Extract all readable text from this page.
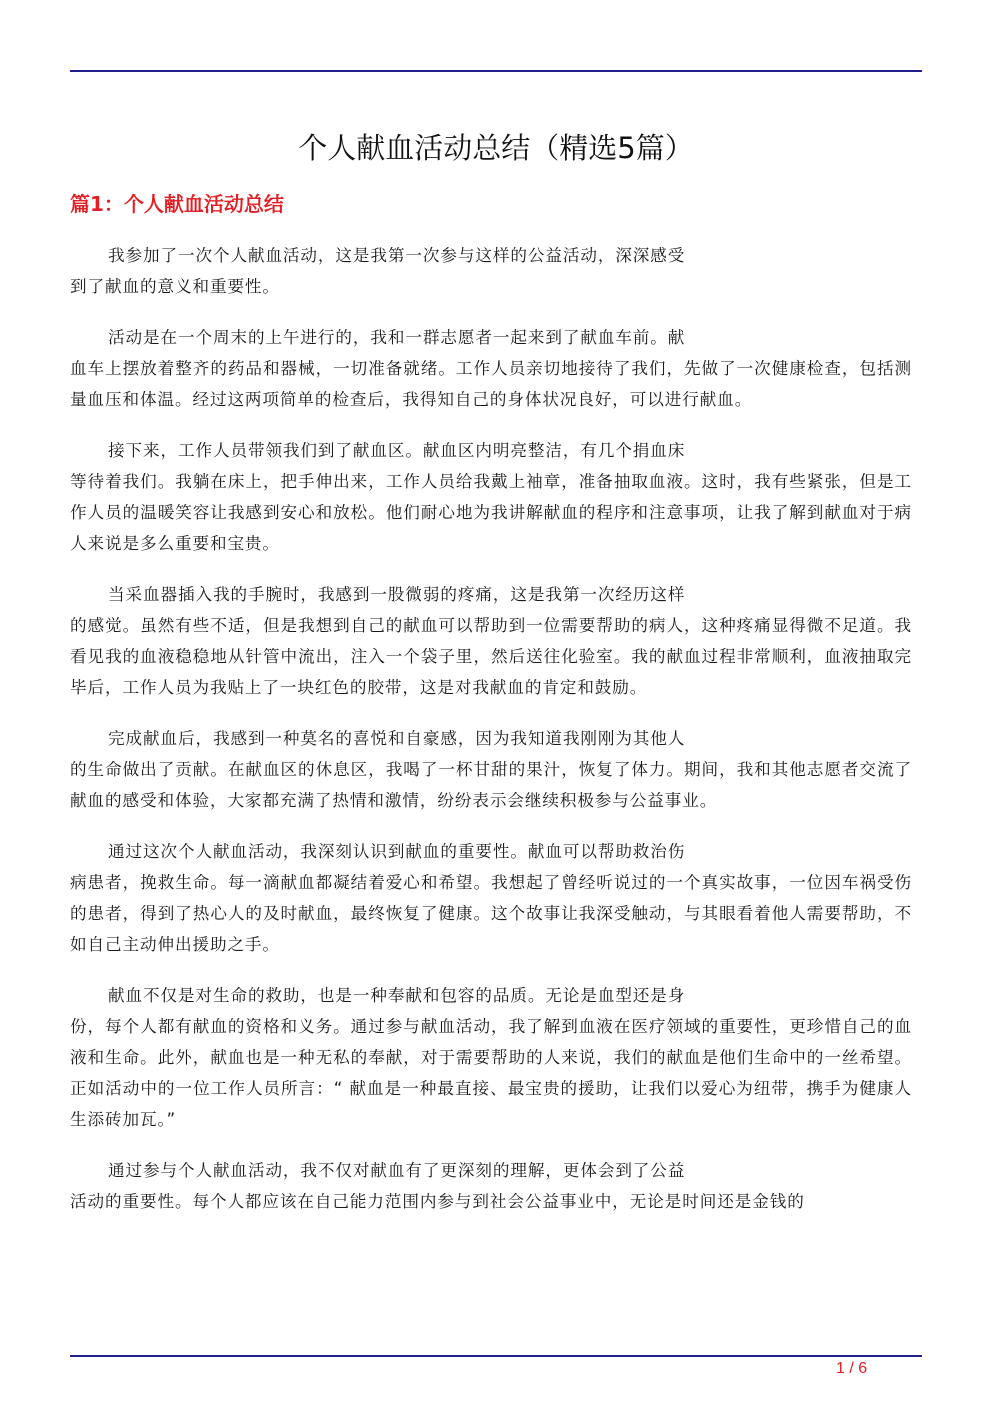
个人献血活动总结（精选5篇）
篇1：个人献血活动总结

我参加了一次个人献血活动，这是我第一次参与这样的公益活动，深深感受
到了献血的意义和重要性。

活动是在一个周末的上午进行的，我和一群志愿者一起来到了献血车前。献
血车上摆放着整齐的药品和器械，一切准备就绪。工作人员亲切地接待了我们，先做了一次健康检查，包括测量血压和体温。经过这两项简单的检查后，我得知自己的身体状况良好，可以进行献血。

接下来，工作人员带领我们到了献血区。献血区内明亮整洁，有几个捐血床
等待着我们。我躺在床上，把手伸出来，工作人员给我戴上袖章，准备抽取血液。这时，我有些紧张，但是工作人员的温暖笑容让我感到安心和放松。他们耐心地为我讲解献血的程序和注意事项，让我了解到献血对于病人来说是多么重要和宝贵。

当采血器插入我的手腕时，我感到一股微弱的疼痛，这是我第一次经历这样
的感觉。虽然有些不适，但是我想到自己的献血可以帮助到一位需要帮助的病人，这种疼痛显得微不足道。我看见我的血液稳稳地从针管中流出，注入一个袋子里，然后送往化验室。我的献血过程非常顺利，血液抽取完毕后，工作人员为我贴上了一块红色的胶带，这是对我献血的肯定和鼓励。

完成献血后，我感到一种莫名的喜悦和自豪感，因为我知道我刚刚为其他人
的生命做出了贡献。在献血区的休息区，我喝了一杯甘甜的果汁，恢复了体力。期间，我和其他志愿者交流了献血的感受和体验，大家都充满了热情和激情，纷纷表示会继续积极参与公益事业。

通过这次个人献血活动，我深刻认识到献血的重要性。献血可以帮助救治伤
病患者，挽救生命。每一滴献血都凝结着爱心和希望。我想起了曾经听说过的一个真实故事，一位因车祸受伤的患者，得到了热心人的及时献血，最终恢复了健康。这个故事让我深受触动，与其眼看着他人需要帮助，不如自己主动伸出援助之手。

献血不仅是对生命的救助，也是一种奉献和包容的品质。无论是血型还是身
份，每个人都有献血的资格和义务。通过参与献血活动，我了解到血液在医疗领域的重要性，更珍惜自己的血液和生命。此外，献血也是一种无私的奉献，对于需要帮助的人来说，我们的献血是他们生命中的一丝希望。正如活动中的一位工作人员所言：“ 献血是一种最直接、最宝贵的援助，让我们以爱心为纽带，携手为健康人生添砖加瓦。”

通过参与个人献血活动，我不仅对献血有了更深刻的理解，更体会到了公益
活动的重要性。每个人都应该在自己能力范围内参与到社会公益事业中，无论是时间还是金钱的

1 / 6
